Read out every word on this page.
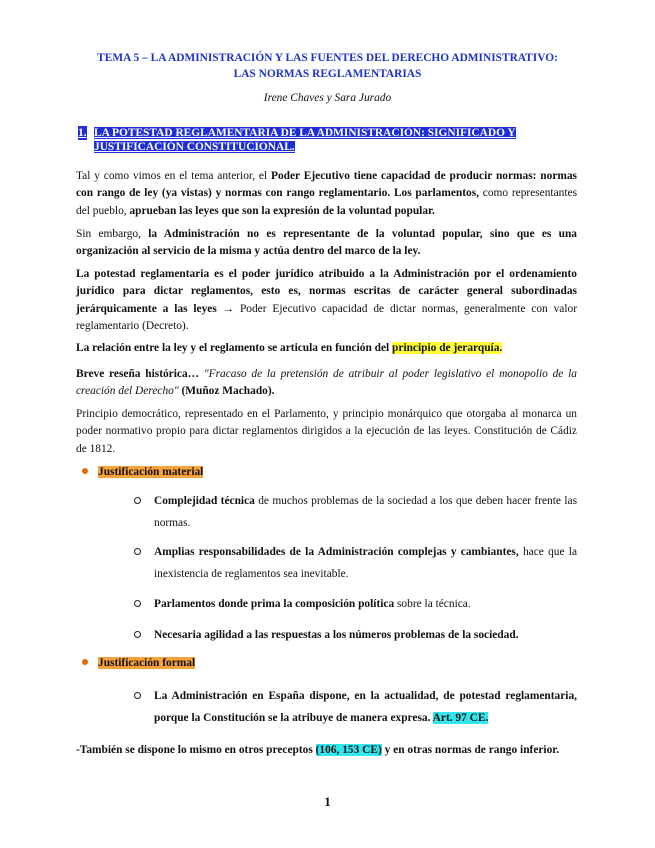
TEMA 5 – LA ADMINISTRACIÓN Y LAS FUENTES DEL DERECHO ADMINISTRATIVO:
LAS NORMAS REGLAMENTARIAS
Irene Chaves y Sara Jurado
1. LA POTESTAD REGLAMENTARIA DE LA ADMINISTRACIÓN: SIGNIFICADO Y
JUSTIFICACIÓN CONSTITUCIONAL.
Tal y como vimos en el tema anterior, el Poder Ejecutivo tiene capacidad de producir normas: normas con rango de ley (ya vistas) y normas con rango reglamentario. Los parlamentos, como representantes del pueblo, aprueban las leyes que son la expresión de la voluntad popular.
Sin embargo, la Administración no es representante de la voluntad popular, sino que es una organización al servicio de la misma y actúa dentro del marco de la ley.
La potestad reglamentaria es el poder jurídico atribuido a la Administración por el ordenamiento jurídico para dictar reglamentos, esto es, normas escritas de carácter general subordinadas jerárquicamente a las leyes → Poder Ejecutivo capacidad de dictar normas, generalmente con valor reglamentario (Decreto).
La relación entre la ley y el reglamento se articula en función del principio de jerarquía.
Breve reseña histórica… "Fracaso de la pretensión de atribuir al poder legislativo el monopolio de la creación del Derecho" (Muñoz Machado).
Principio democrático, representado en el Parlamento, y principio monárquico que otorgaba al monarca un poder normativo propio para dictar reglamentos dirigidos a la ejecución de las leyes. Constitución de Cádiz de 1812.
Justificación material
Complejidad técnica de muchos problemas de la sociedad a los que deben hacer frente las normas.
Amplias responsabilidades de la Administración complejas y cambiantes, hace que la inexistencia de reglamentos sea inevitable.
Parlamentos donde prima la composición política sobre la técnica.
Necesaria agilidad a las respuestas a los números problemas de la sociedad.
Justificación formal
La Administración en España dispone, en la actualidad, de potestad reglamentaria, porque la Constitución se la atribuye de manera expresa. Art. 97 CE.
-También se dispone lo mismo en otros preceptos (106, 153 CE) y en otras normas de rango inferior.
1
